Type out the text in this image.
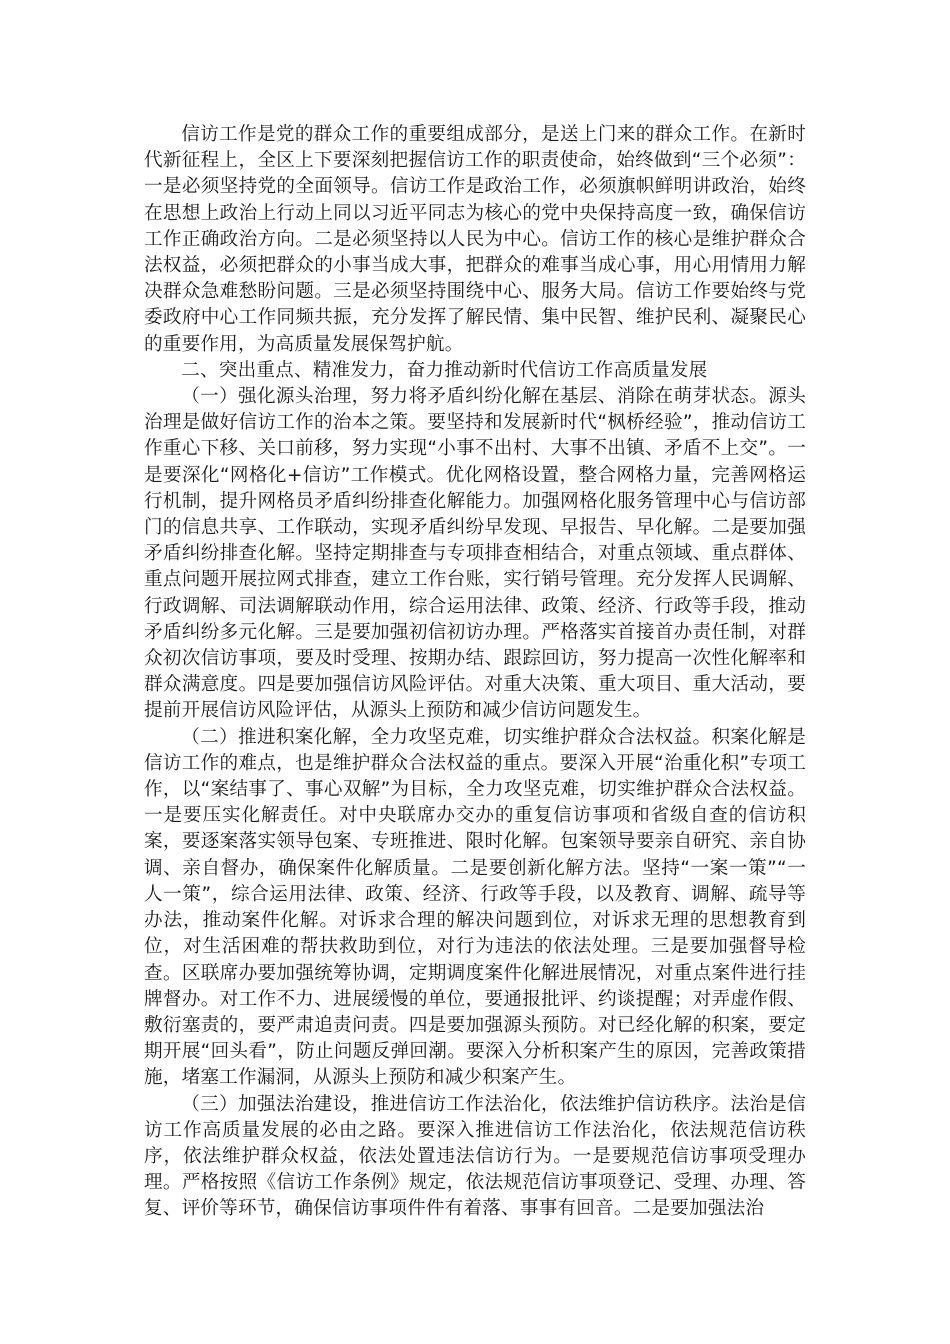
信访工作是党的群众工作的重要组成部分，是送上门来的群众工作。在新时代新征程上，全区上下要深刻把握信访工作的职责使命，始终做到“三个必须”：一是必须坚持党的全面领导。信访工作是政治工作，必须旗帜鲜明讲政治，始终在思想上政治上行动上同以习近平同志为核心的党中央保持高度一致，确保信访工作正确政治方向。二是必须坚持以人民为中心。信访工作的核心是维护群众合法权益，必须把群众的小事当成大事，把群众的难事当成心事，用心用情用力解决群众急难愁盼问题。三是必须坚持围绕中心、服务大局。信访工作要始终与党委政府中心工作同频共振，充分发挥了解民情、集中民智、维护民利、凝聚民心的重要作用，为高质量发展保驾护航。

二、突出重点、精准发力，奋力推动新时代信访工作高质量发展

（一）强化源头治理，努力将矛盾纠纷化解在基层、消除在萌芽状态。源头治理是做好信访工作的治本之策。要坚持和发展新时代“枫桥经验”，推动信访工作重心下移、关口前移，努力实现“小事不出村、大事不出镇、矛盾不上交”。一是要深化“网格化+信访”工作模式。优化网格设置，整合网格力量，完善网格运行机制，提升网格员矛盾纠纷排查化解能力。加强网格化服务管理中心与信访部门的信息共享、工作联动，实现矛盾纠纷早发现、早报告、早化解。二是要加强矛盾纠纷排查化解。坚持定期排查与专项排查相结合，对重点领域、重点群体、重点问题开展拉网式排查，建立工作台账，实行销号管理。充分发挥人民调解、行政调解、司法调解联动作用，综合运用法律、政策、经济、行政等手段，推动矛盾纠纷多元化解。三是要加强初信初访办理。严格落实首接首办责任制，对群众初次信访事项，要及时受理、按期办结、跟踪回访，努力提高一次性化解率和群众满意度。四是要加强信访风险评估。对重大决策、重大项目、重大活动，要提前开展信访风险评估，从源头上预防和减少信访问题发生。

（二）推进积案化解，全力攻坚克难，切实维护群众合法权益。积案化解是信访工作的难点，也是维护群众合法权益的重点。要深入开展“治重化积”专项工作，以“案结事了、事心双解”为目标，全力攻坚克难，切实维护群众合法权益。一是要压实化解责任。对中央联席办交办的重复信访事项和省级自查的信访积案，要逐案落实领导包案、专班推进、限时化解。包案领导要亲自研究、亲自协调、亲自督办，确保案件化解质量。二是要创新化解方法。坚持“一案一策”“一人一策”，综合运用法律、政策、经济、行政等手段，以及教育、调解、疏导等办法，推动案件化解。对诉求合理的解决问题到位，对诉求无理的思想教育到位，对生活困难的帮扶救助到位，对行为违法的依法处理。三是要加强督导检查。区联席办要加强统筹协调，定期调度案件化解进展情况，对重点案件进行挂牌督办。对工作不力、进展缓慢的单位，要通报批评、约谈提醒；对弄虚作假、敷衍塞责的，要严肃追责问责。四是要加强源头预防。对已经化解的积案，要定期开展“回头看”，防止问题反弹回潮。要深入分析积案产生的原因，完善政策措施，堵塞工作漏洞，从源头上预防和减少积案产生。

（三）加强法治建设，推进信访工作法治化，依法维护信访秩序。法治是信访工作高质量发展的必由之路。要深入推进信访工作法治化，依法规范信访秩序，依法维护群众权益，依法处置违法信访行为。一是要规范信访事项受理办理。严格按照《信访工作条例》规定，依法规范信访事项登记、受理、办理、答复、评价等环节，确保信访事项件件有着落、事事有回音。二是要加强法治
